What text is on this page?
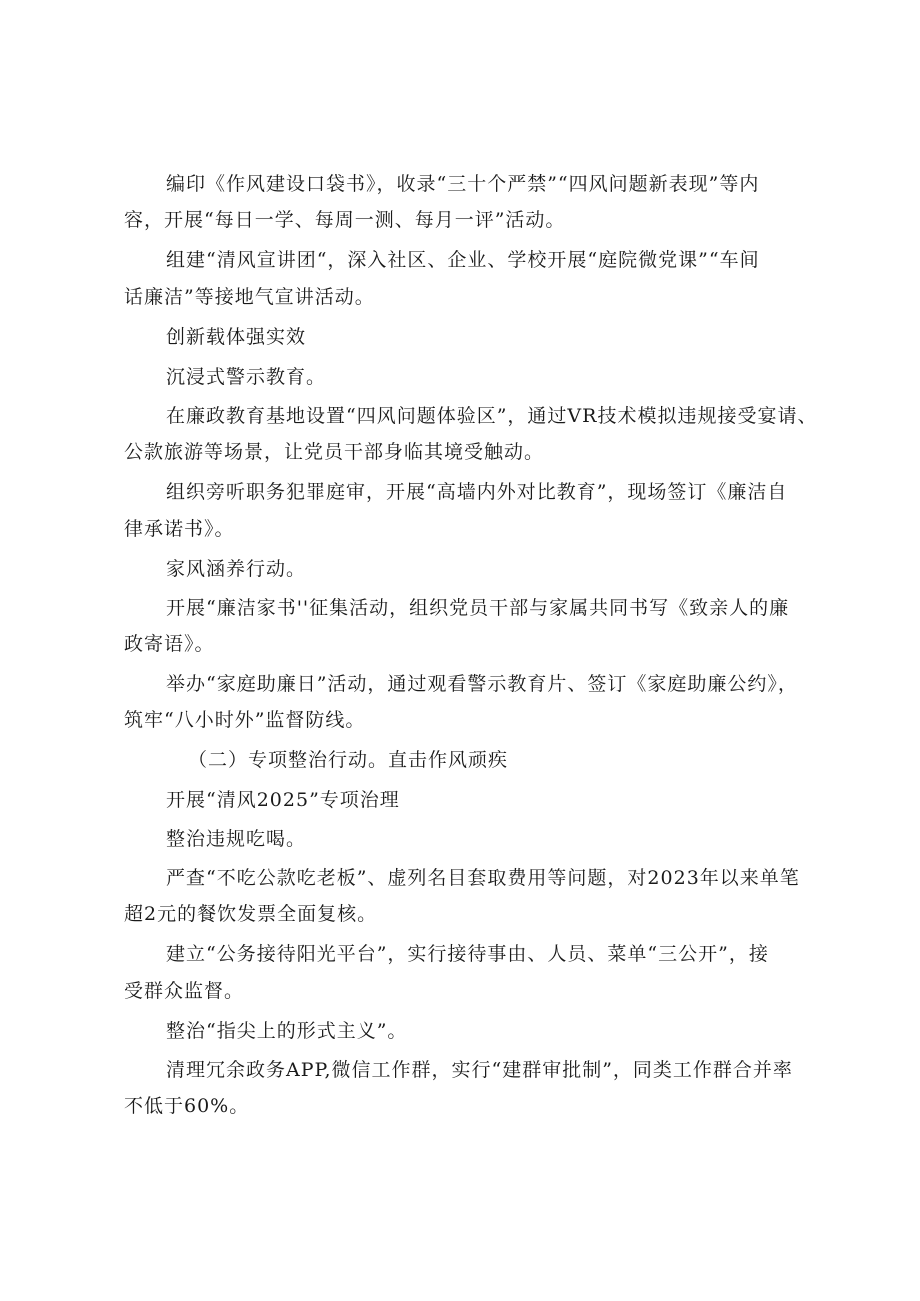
编印《作风建设口袋书》，收录“三十个严禁”“四风问题新表现”等内
容，开展“每日一学、每周一测、每月一评”活动。
组建“清风宣讲团“，深入社区、企业、学校开展“庭院微党课”“车间
话廉洁”等接地气宣讲活动。
创新载体强实效
沉浸式警示教育。
在廉政教育基地设置“四风问题体验区”，通过VR技术模拟违规接受宴请、
公款旅游等场景，让党员干部身临其境受触动。
组织旁听职务犯罪庭审，开展“高墙内外对比教育”，现场签订《廉洁自
律承诺书》。
家风涵养行动。
开展“廉洁家书''征集活动，组织党员干部与家属共同书写《致亲人的廉
政寄语》。
举办“家庭助廉日”活动，通过观看警示教育片、签订《家庭助廉公约》，
筑牢“八小时外”监督防线。
（二）专项整治行动。直击作风顽疾
开展“清风2025”专项治理
整治违规吃喝。
严查“不吃公款吃老板”、虚列名目套取费用等问题，对2023年以来单笔
超2元的餐饮发票全面复核。
建立“公务接待阳光平台”，实行接待事由、人员、菜单“三公开”，接
受群众监督。
整治“指尖上的形式主义”。
清理冗余政务APP,微信工作群，实行“建群审批制”，同类工作群合并率
不低于60%。
